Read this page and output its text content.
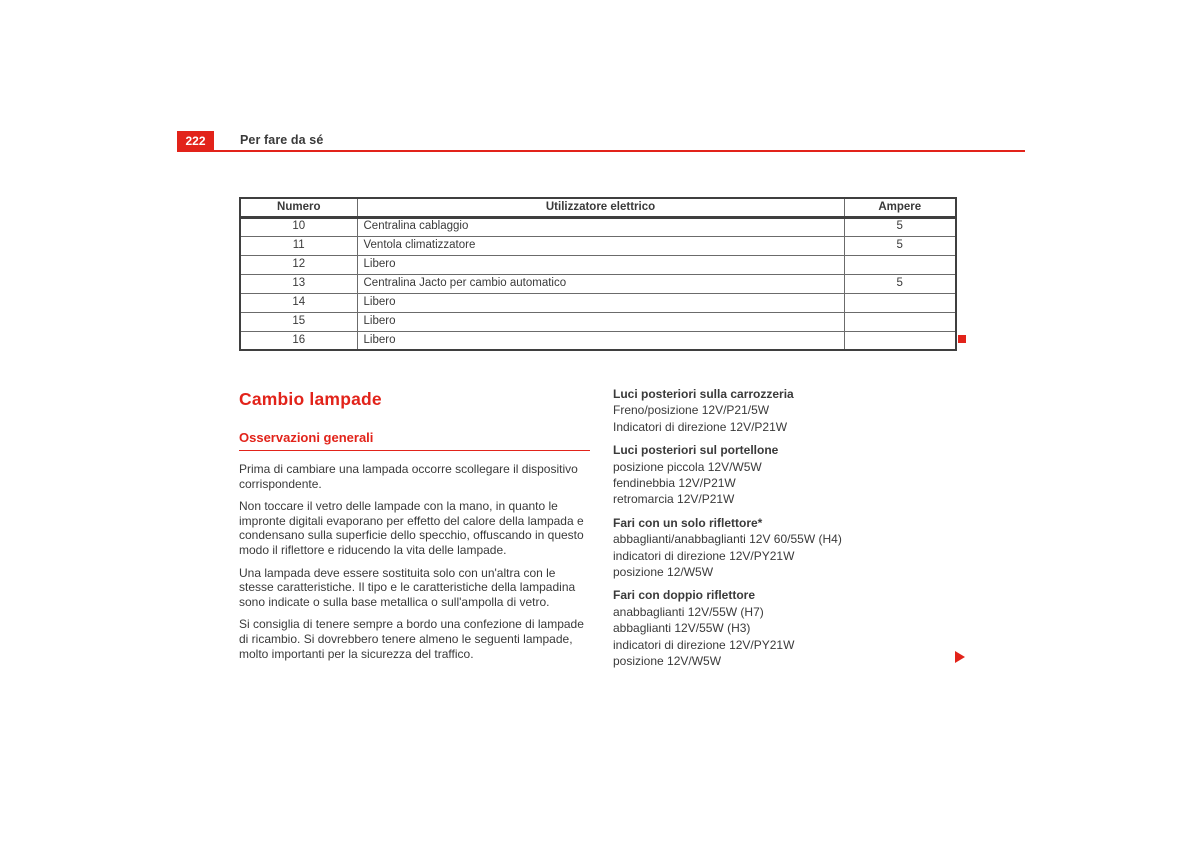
222	Per fare da sé
Numero	Utilizzatore elettrico	Ampere
10	Centralina cablaggio	5
11	Ventola climatizzatore	5
12	Libero	
13	Centralina Jacto per cambio automatico	5
14	Libero	
15	Libero	
16	Libero	
Cambio lampade
Osservazioni generali

Prima di cambiare una lampada occorre scollegare il dispositivo corrispondente.

Non toccare il vetro delle lampade con la mano, in quanto le impronte digitali evaporano per effetto del calore della lampada e condensano sulla superficie dello specchio, offuscando in questo modo il riflettore e riducendo la vita delle lampade.

Una lampada deve essere sostituita solo con un'altra con le stesse caratteristiche. Il tipo e le caratteristiche della lampadina sono indicate o sulla base metallica o sull'ampolla di vetro.

Si consiglia di tenere sempre a bordo una confezione di lampade di ricambio. Si dovrebbero tenere almeno le seguenti lampade, molto importanti per la sicurezza del traffico.

Luci posteriori sulla carrozzeria
Freno/posizione 12V/P21/5W
Indicatori di direzione 12V/P21W
Luci posteriori sul portellone
posizione piccola 12V/W5W
fendinebbia 12V/P21W
retromarcia 12V/P21W
Fari con un solo riflettore*
abbaglianti/anabbaglianti 12V 60/55W (H4)
indicatori di direzione 12V/PY21W
posizione 12/W5W
Fari con doppio riflettore
anabbaglianti 12V/55W (H7)
abbaglianti 12V/55W (H3)
indicatori di direzione 12V/PY21W
posizione 12V/W5W
